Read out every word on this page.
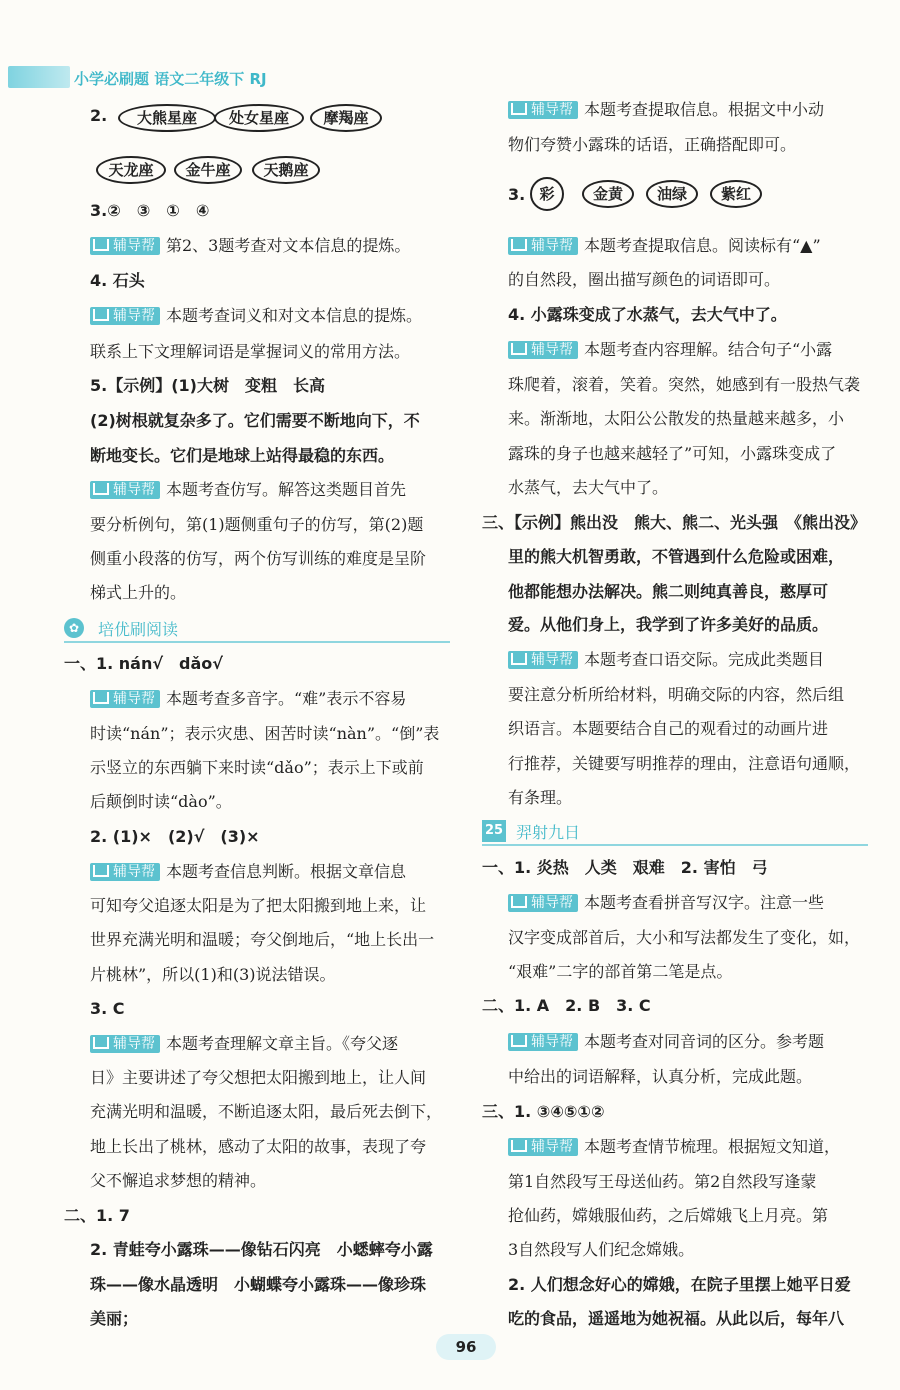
小学必刷题 语文二年级下 RJ
2.	大熊星座	处女星座	摩羯座
天龙座	金牛座	天鹅座
3.②　③　①　④
辅导帮 第2、3题考查对文本信息的提炼。
4. 石头
辅导帮 本题考查词义和对文本信息的提炼。
联系上下文理解词语是掌握词义的常用方法。
5.【示例】(1)大树　变粗　长高
(2)树根就复杂多了。它们需要不断地向下，不
断地变长。它们是地球上站得最稳的东西。
辅导帮 本题考查仿写。解答这类题目首先
要分析例句，第(1)题侧重句子的仿写，第(2)题
侧重小段落的仿写，两个仿写训练的难度是呈阶
梯式上升的。
✿	培优刷阅读
一、1. nán√　dǎo√
辅导帮 本题考查多音字。“难”表示不容易
时读“nán”；表示灾患、困苦时读“nàn”。“倒”表
示竖立的东西躺下来时读“dǎo”；表示上下或前
后颠倒时读“dào”。
2. (1)×　(2)√　(3)×
辅导帮 本题考查信息判断。根据文章信息
可知夸父追逐太阳是为了把太阳搬到地上来，让
世界充满光明和温暖；夸父倒地后，“地上长出一
片桃林”，所以(1)和(3)说法错误。
3. C
辅导帮 本题考查理解文章主旨。《夸父逐
日》主要讲述了夸父想把太阳搬到地上，让人间
充满光明和温暖，不断追逐太阳，最后死去倒下，
地上长出了桃林，感动了太阳的故事，表现了夸
父不懈追求梦想的精神。
二、1. 7
2. 青蛙夸小露珠——像钻石闪亮　小蟋蟀夸小露
珠——像水晶透明　小蝴蝶夸小露珠——像珍珠
美丽；
辅导帮 本题考查提取信息。根据文中小动
物们夸赞小露珠的话语，正确搭配即可。
3. 彩	金黄	油绿	紫红
辅导帮 本题考查提取信息。阅读标有“▲”
的自然段，圈出描写颜色的词语即可。
4. 小露珠变成了水蒸气，去大气中了。
辅导帮 本题考查内容理解。结合句子“小露
珠爬着，滚着，笑着。突然，她感到有一股热气袭
来。渐渐地，太阳公公散发的热量越来越多，小
露珠的身子也越来越轻了”可知，小露珠变成了
水蒸气，去大气中了。
三、【示例】熊出没　熊大、熊二、光头强　《熊出没》
里的熊大机智勇敢，不管遇到什么危险或困难，
他都能想办法解决。熊二则纯真善良，憨厚可
爱。从他们身上，我学到了许多美好的品质。
辅导帮 本题考查口语交际。完成此类题目
要注意分析所给材料，明确交际的内容，然后组
织语言。本题要结合自己的观看过的动画片进
行推荐，关键要写明推荐的理由，注意语句通顺，
有条理。
25 羿射九日
一、1. 炎热　人类　艰难　2. 害怕　弓
辅导帮 本题考查看拼音写汉字。注意一些
汉字变成部首后，大小和写法都发生了变化，如，
“艰难”二字的部首第二笔是点。
二、1. A　2. B　3. C
辅导帮 本题考查对同音词的区分。参考题
中给出的词语解释，认真分析，完成此题。
三、1. ③④⑤①②
辅导帮 本题考查情节梳理。根据短文知道，
第1自然段写王母送仙药。第2自然段写逢蒙
抢仙药，嫦娥服仙药，之后嫦娥飞上月亮。第
3自然段写人们纪念嫦娥。
2. 人们想念好心的嫦娥，在院子里摆上她平日爱
吃的食品，遥遥地为她祝福。从此以后，每年八
96
